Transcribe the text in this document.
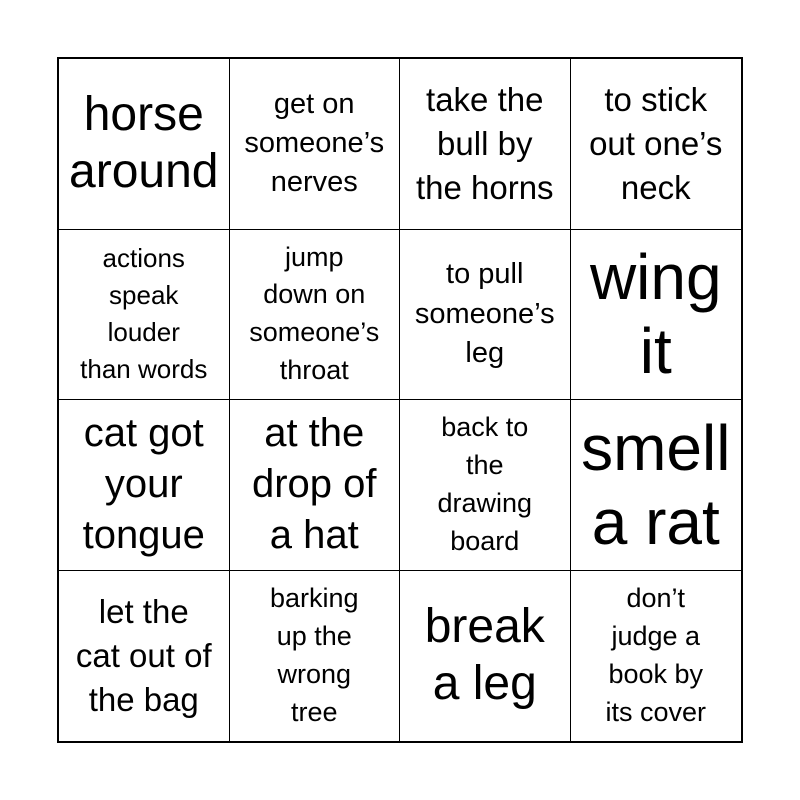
horse
around
get on
someone’s
nerves
take the
bull by
the horns
to stick
out one’s
neck
actions
speak
louder
than words
jump
down on
someone’s
throat
to pull
someone’s
leg
wing
it
cat got
your
tongue
at the
drop of
a hat
back to
the
drawing
board
smell
a rat
let the
cat out of
the bag
barking
up the
wrong
tree
break
a leg
don’t
judge a
book by
its cover
